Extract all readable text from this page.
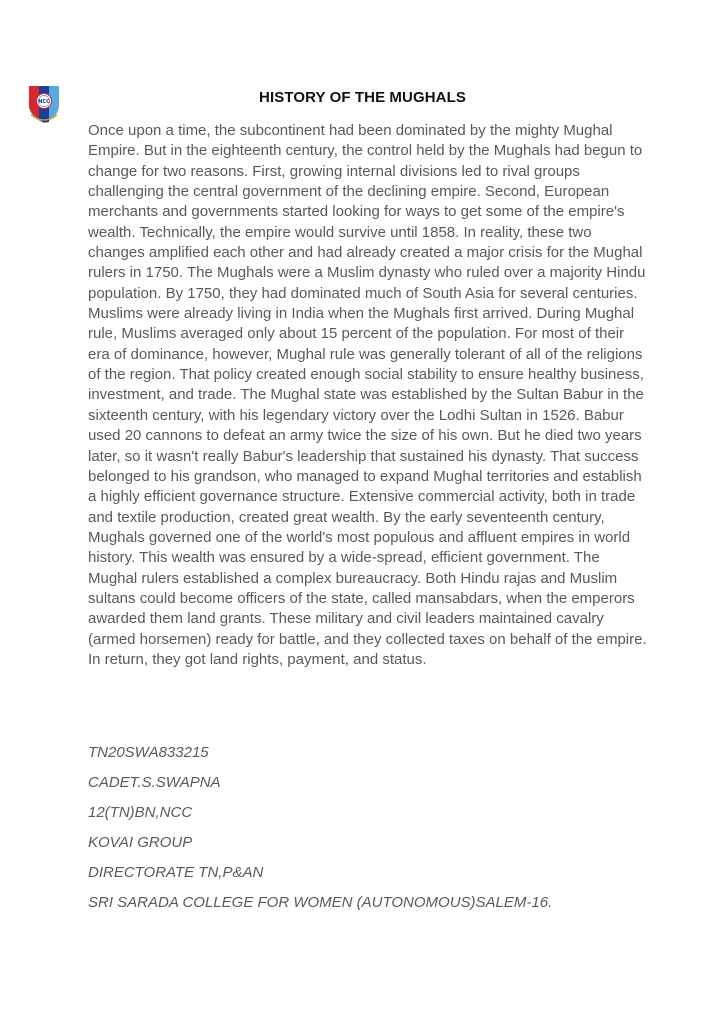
NCC	HISTORY OF THE MUGHALS

Once upon a time, the subcontinent had been dominated by the mighty Mughal Empire. But in the eighteenth century, the control held by the Mughals had begun to change for two reasons. First, growing internal divisions led to rival groups challenging the central government of the declining empire. Second, European merchants and governments started looking for ways to get some of the empire's wealth. Technically, the empire would survive until 1858. In reality, these two changes amplified each other and had already created a major crisis for the Mughal rulers in 1750. The Mughals were a Muslim dynasty who ruled over a majority Hindu population. By 1750, they had dominated much of South Asia for several centuries. Muslims were already living in India when the Mughals first arrived. During Mughal rule, Muslims averaged only about 15 percent of the population. For most of their era of dominance, however, Mughal rule was generally tolerant of all of the religions of the region. That policy created enough social stability to ensure healthy business, investment, and trade. The Mughal state was established by the Sultan Babur in the sixteenth century, with his legendary victory over the Lodhi Sultan in 1526. Babur used 20 cannons to defeat an army twice the size of his own. But he died two years later, so it wasn't really Babur's leadership that sustained his dynasty. That success belonged to his grandson, who managed to expand Mughal territories and establish a highly efficient governance structure. Extensive commercial activity, both in trade and textile production, created great wealth. By the early seventeenth century, Mughals governed one of the world's most populous and affluent empires in world history. This wealth was ensured by a wide-spread, efficient government. The Mughal rulers established a complex bureaucracy. Both Hindu rajas and Muslim sultans could become officers of the state, called mansabdars, when the emperors awarded them land grants. These military and civil leaders maintained cavalry (armed horsemen) ready for battle, and they collected taxes on behalf of the empire. In return, they got land rights, payment, and status.

TN20SWA833215
CADET.S.SWAPNA
12(TN)BN,NCC
KOVAI GROUP
DIRECTORATE TN,P&AN
SRI SARADA COLLEGE FOR WOMEN (AUTONOMOUS)SALEM-16.
